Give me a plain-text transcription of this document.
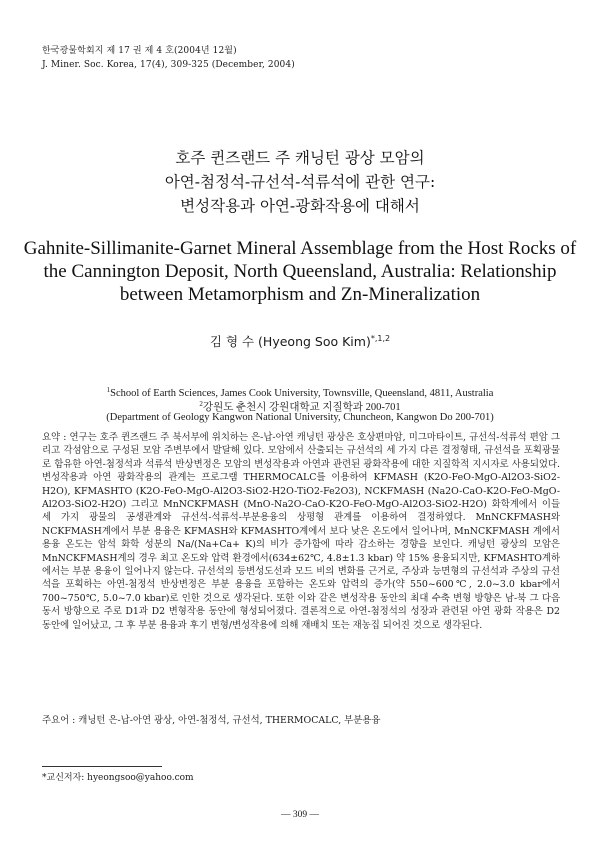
한국광물학회지 제 17 권 제 4 호(2004년 12월)
J. Miner. Soc. Korea, 17(4), 309-325 (December, 2004)
호주 퀸즈랜드 주 캐닝턴 광상 모암의
아연-첨정석-규선석-석류석에 관한 연구:
변성작용과 아연-광화작용에 대해서
Gahnite-Sillimanite-Garnet Mineral Assemblage from the Host Rocks of
the Cannington Deposit, North Queensland, Australia: Relationship
between Metamorphism and Zn-Mineralization
김 형 수 (Hyeong Soo Kim)$^{*,1,2}$
$^1$School of Earth Sciences, James Cook University, Townsville, Queensland, 4811, Australia
$^2$강원도 춘천시 강원대학교 지질학과 200-701
(Department of Geology Kangwon National University, Chuncheon, Kangwon Do 200-701)

요약 : 연구는 호주 퀸즈랜드 주 북서부에 위치하는 은-납-아연 캐닝턴 광상은 호상편마암, 미그마타이트, 규선석-석류석 편암 그리고 각섬암으로 구성된 모암 주변부에서 발달해 있다. 모암에서 산출되는 규선석의 세 가지 다른 결정형태, 규선석을 포획광물로 함유한 아연-첨정석과 석류석 반상변정은 모암의 변성작용과 아연과 관련된 광화작용에 대한 지질학적 지시자로 사용되었다. 변성작용과 아연 광화작용의 관계는 프로그램 THERMOCALC를 이용하여 KFMASH (K2O-FeO-MgO-Al2O3-SiO2-H2O), KFMASHTO (K2O-FeO-MgO-Al2O3-SiO2-H2O-TiO2-Fe2O3), NCKFMASH (Na2O-CaO-K2O-FeO-MgO-Al2O3-SiO2-H2O) 그리고 MnNCKFMASH (MnO-Na2O-CaO-K2O-FeO-MgO-Al2O3-SiO2-H2O) 화학계에서 이들 세 가지 광물의 공생관계와 규선석-석류석-부분용융의 상평형 관계를 이용하여 결정하였다. MnNCKFMASH와 NCKFMASH계에서 부분 용융은 KFMASH와 KFMASHTO계에서 보다 낮은 온도에서 일어나며, MnNCKFMASH 계에서 용융 온도는 암석 화학 성분의 Na/(Na+Ca+ K)의 비가 증가함에 따라 감소하는 경향을 보인다. 캐닝턴 광상의 모암은 MnNCKFMASH계의 경우 최고 온도와 압력 환경에서(634±62℃, 4.8±1.3 kbar) 약 15% 용융되지만, KFMASHTO계하에서는 부분 용융이 일어나지 않는다. 규선석의 등변성도선과 모드 비의 변화를 근거로, 주상과 능면형의 규선석과 주상의 규선석을 포획하는 아연-첨정석 반상변정은 부분 용융을 포함하는 온도와 압력의 증가(약 550~600℃, 2.0~3.0 kbar에서 700~750℃, 5.0~7.0 kbar)로 인한 것으로 생각된다. 또한 이와 같은 변성작용 동안의 최대 수축 변형 방향은 남-북 그 다음 동서 방향으로 주로 D1과 D2 변형작용 동안에 형성되어졌다. 결론적으로 아연-첨정석의 성장과 관련된 아연 광화 작용은 D2 동안에 일어났고, 그 후 부분 용융과 후기 변형/변성작용에 의해 재배치 또는 재농집 되어진 것으로 생각된다.

주요어 : 캐닝턴 은-납-아연 광상, 아연-첨정석, 규선석, THERMOCALC, 부분용융
*교신저자: hyeongsoo@yahoo.com
— 309 —
